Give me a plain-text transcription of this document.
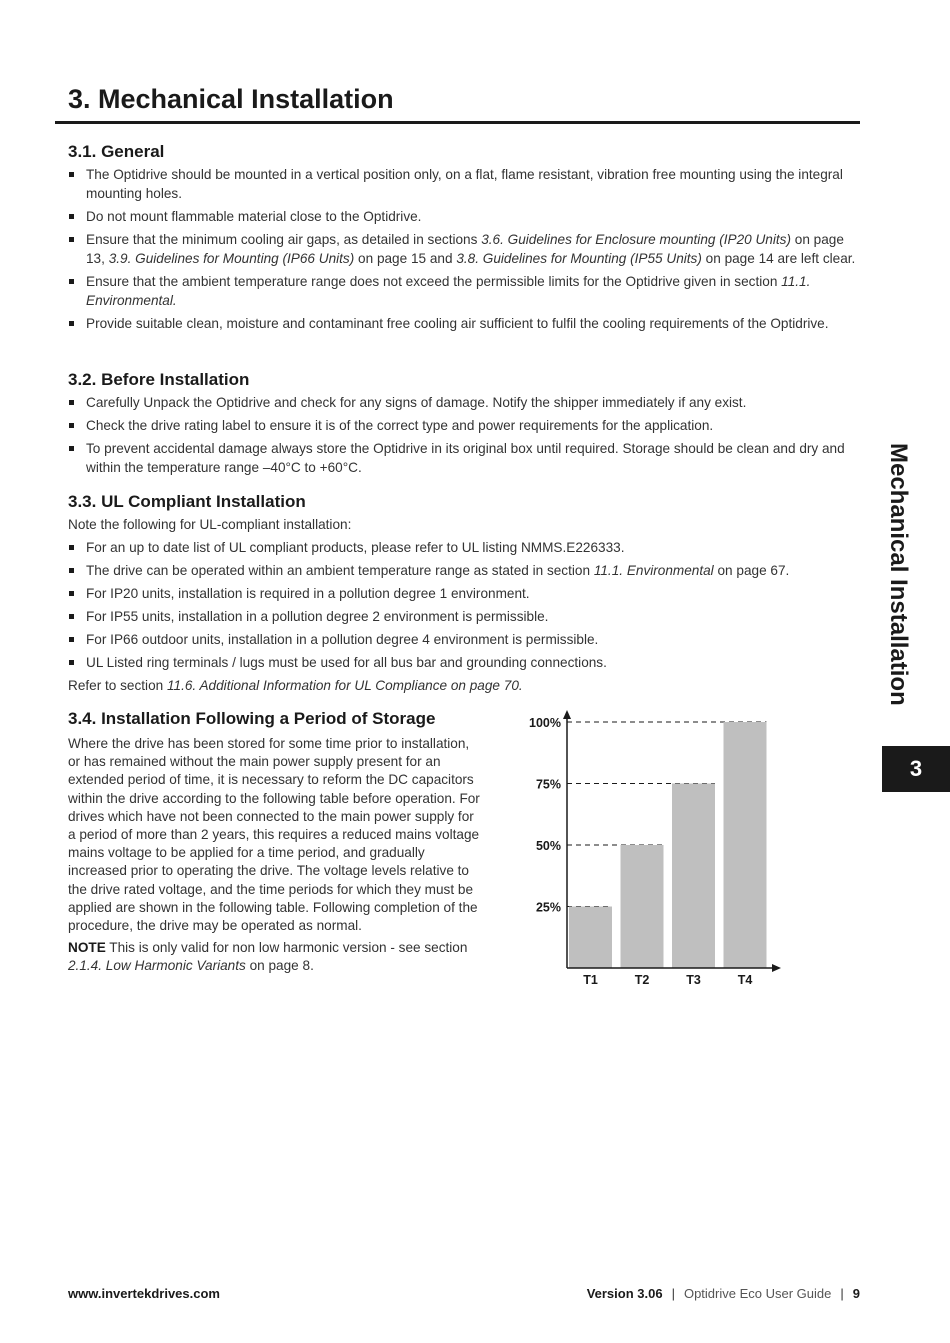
3. Mechanical Installation
3.1. General
The Optidrive should be mounted in a vertical position only, on a flat, flame resistant, vibration free mounting using the integral mounting holes.
Do not mount flammable material close to the Optidrive.
Ensure that the minimum cooling air gaps, as detailed in sections 3.6. Guidelines for Enclosure mounting (IP20 Units) on page 13, 3.9. Guidelines for Mounting (IP66 Units) on page 15 and 3.8. Guidelines for Mounting (IP55 Units) on page 14 are left clear.
Ensure that the ambient temperature range does not exceed the permissible limits for the Optidrive given in section 11.1. Environmental.
Provide suitable clean, moisture and contaminant free cooling air sufficient to fulfil the cooling requirements of the Optidrive.
3.2. Before Installation
Carefully Unpack the Optidrive and check for any signs of damage. Notify the shipper immediately if any exist.
Check the drive rating label to ensure it is of the correct type and power requirements for the application.
To prevent accidental damage always store the Optidrive in its original box until required. Storage should be clean and dry and within the temperature range –40°C to +60°C.
3.3. UL Compliant Installation

Note the following for UL-compliant installation:

For an up to date list of UL compliant products, please refer to UL listing NMMS.E226333.
The drive can be operated within an ambient temperature range as stated in section 11.1. Environmental on page 67.
For IP20 units, installation is required in a pollution degree 1 environment.
For IP55 units, installation in a pollution degree 2 environment is permissible.
For IP66 outdoor units, installation in a pollution degree 4 environment is permissible.
UL Listed ring terminals / lugs must be used for all bus bar and grounding connections.

Refer to section 11.6. Additional Information for UL Compliance on page 70.

3.4. Installation Following a Period of Storage

Where the drive has been stored for some time prior to installation, or has remained without the main power supply present for an extended period of time, it is necessary to reform the DC capacitors within the drive according to the following table before operation. For drives which have not been connected to the main power supply for a period of more than 2 years, this requires a reduced mains voltage mains voltage to be applied for a time period, and gradually increased prior to operating the drive. The voltage levels relative to the drive rated voltage, and the time periods for which they must be applied are shown in the following table. Following completion of the procedure, the drive may be operated as normal.

NOTE This is only valid for non low harmonic version - see section 2.1.4. Low Harmonic Variants on page 8.

25%
50%
75%
100%
T1	T2	T3	T4
Mechanical Installation
3
www.invertekdrives.com	Version 3.06 | Optidrive Eco User Guide | 9
